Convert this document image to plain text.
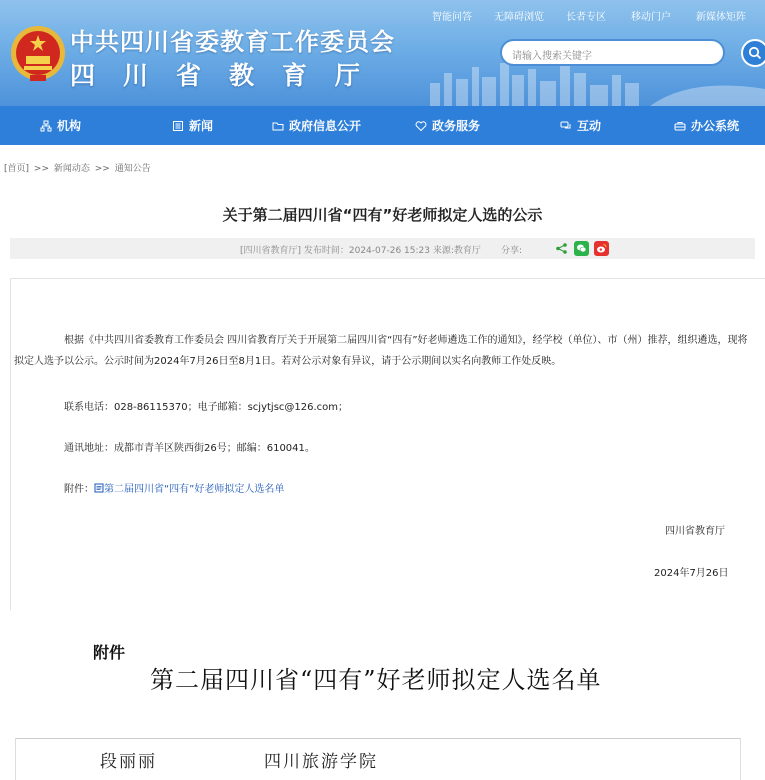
中共四川省委教育工作委员会
四 川 省 教 育 厅
智能问答	无障碍浏览	长者专区	移动门户	新媒体矩阵
请输入搜索关键字
机构	新闻	政府信息公开	政务服务	互动	办公系统
[首页] >> 新闻动态 >> 通知公告
关于第二届四川省“四有”好老师拟定人选的公示
[四川省教育厅] 发布时间：2024-07-26 15:23 来源:教育厅 分享:

根据《中共四川省委教育工作委员会 四川省教育厅关于开展第二届四川省“四有”好老师遴选工作的通知》，经学校（单位）、市（州）推荐，组织遴选，现将拟定人选予以公示。公示时间为2024年7月26日至8月1日。若对公示对象有异议，请于公示期间以实名向教师工作处反映。

联系电话：028-86115370；电子邮箱：scjytjsc@126.com；

通讯地址：成都市青羊区陕西街26号；邮编：610041。

附件： 第二届四川省“四有”好老师拟定人选名单

四川省教育厅

2024年7月26日

附件
第二届四川省“四有”好老师拟定人选名单
段丽丽	四川旅游学院
